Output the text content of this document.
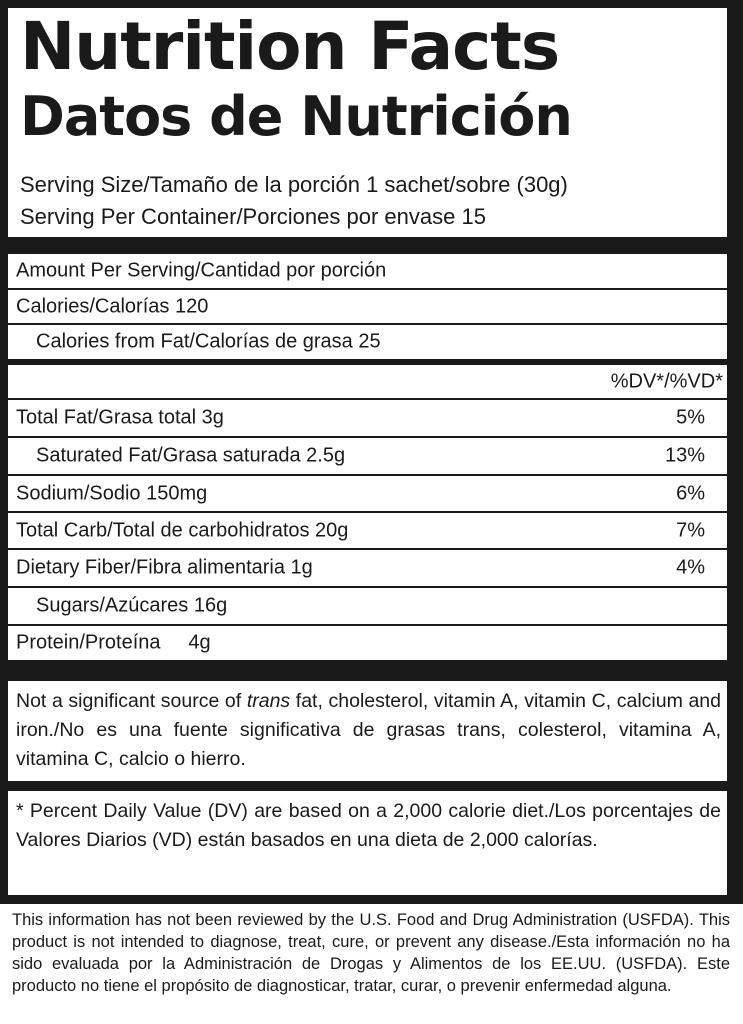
Nutrition Facts
Datos de Nutrición
Serving Size/Tamaño de la porción 1 sachet/sobre (30g)
Serving Per Container/Porciones por envase 15
Amount Per Serving/Cantidad por porción
Calories/Calorías 120
Calories from Fat/Calorías de grasa 25
%DV*/%VD*
Total Fat/Grasa total 3g	5%
Saturated Fat/Grasa saturada 2.5g	13%
Sodium/Sodio 150mg	6%
Total Carb/Total de carbohidratos 20g	7%
Dietary Fiber/Fibra alimentaria 1g	4%
Sugars/Azúcares 16g
Protein/Proteína     4g
Not a significant source of trans fat, cholesterol, vitamin A, vitamin C, calcium and iron./No es una fuente significativa de grasas trans, colesterol, vitamina A, vitamina C, calcio o hierro.
* Percent Daily Value (DV) are based on a 2,000 calorie diet./Los porcentajes de Valores Diarios (VD) están basados en una dieta de 2,000 calorías.
This information has not been reviewed by the U.S. Food and Drug Administration (USFDA). This product is not intended to diagnose, treat, cure, or prevent any disease./Esta información no ha sido evaluada por la Administración de Drogas y Alimentos de los EE.UU. (USFDA). Este producto no tiene el propósito de diagnosticar, tratar, curar, o prevenir enfermedad alguna.
